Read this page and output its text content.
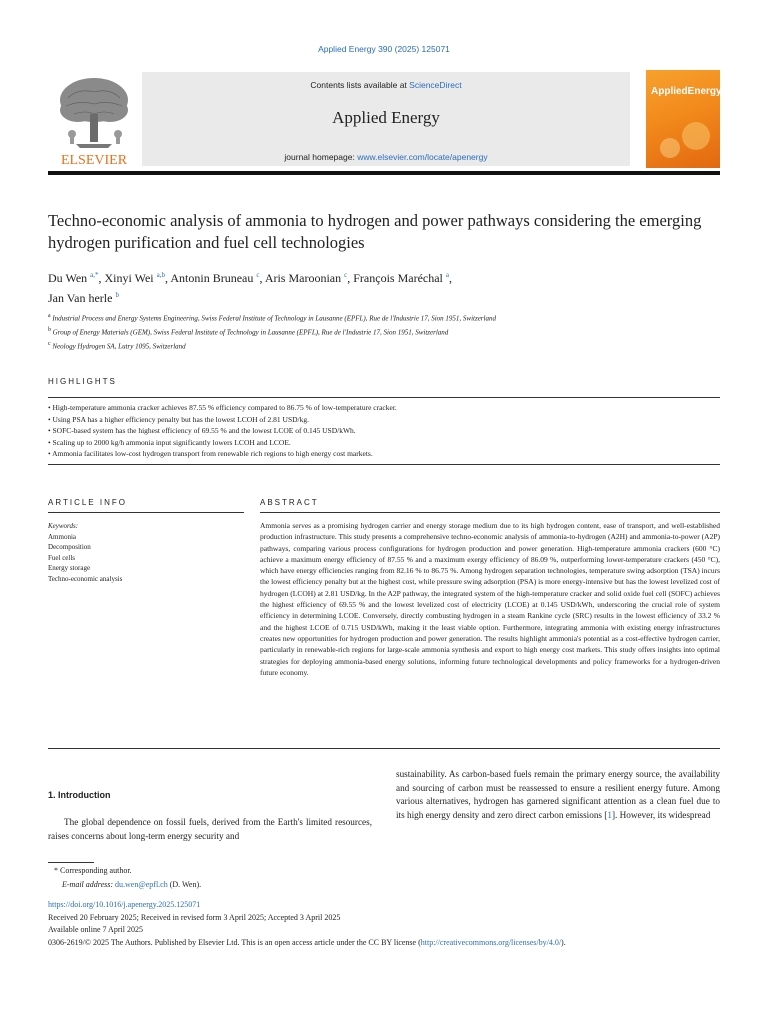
Applied Energy 390 (2025) 125071
ELSEVIER
Contents lists available at ScienceDirect
Applied Energy
journal homepage: www.elsevier.com/locate/apenergy
AppliedEnergy
Techno-economic analysis of ammonia to hydrogen and power pathways considering the emerging hydrogen purification and fuel cell technologies
Du Wen $^{a,*}$, Xinyi Wei $^{a,b}$, Antonin Bruneau $^c$, Aris Maroonian $^c$, François Maréchal $^a$,
Jan Van herle $^b$
$^a$ Industrial Process and Energy Systems Engineering, Swiss Federal Institute of Technology in Lausanne (EPFL), Rue de l'Industrie 17, Sion 1951, Switzerland
$^b$ Group of Energy Materials (GEM), Swiss Federal Institute of Technology in Lausanne (EPFL), Rue de l'Industrie 17, Sion 1951, Switzerland
$^c$ Neology Hydrogen SA, Lutry 1095, Switzerland
HIGHLIGHTS
• High-temperature ammonia cracker achieves 87.55 % efficiency compared to 86.75 % of low-temperature cracker.
• Using PSA has a higher efficiency penalty but has the lowest LCOH of 2.81 USD/kg.
• SOFC-based system has the highest efficiency of 69.55 % and the lowest LCOE of 0.145 USD/kWh.
• Scaling up to 2000 kg/h ammonia input significantly lowers LCOH and LCOE.
• Ammonia facilitates low-cost hydrogen transport from renewable rich regions to high energy cost markets.
ARTICLE INFO
Keywords:
Ammonia
Decomposition
Fuel cells
Energy storage
Techno-economic analysis
ABSTRACT
Ammonia serves as a promising hydrogen carrier and energy storage medium due to its high hydrogen content, ease of transport, and well-established production infrastructure. This study presents a comprehensive techno-economic analysis of ammonia-to-hydrogen (A2H) and ammonia-to-power (A2P) pathways, comparing various process configurations for hydrogen production and power generation. High-temperature ammonia crackers (600 °C) achieve a maximum energy efficiency of 87.55 % and a maximum exergy efficiency of 86.09 %, outperforming lower-temperature crackers (450 °C), which have energy efficiencies ranging from 82.16 % to 86.75 %. Among hydrogen separation technologies, temperature swing adsorption (TSA) incurs the lowest efficiency penalty but at the highest cost, while pressure swing adsorption (PSA) is more energy-intensive but has the lowest levelized cost of hydrogen (LCOH) at 2.81 USD/kg. In the A2P pathway, the integrated system of the high-temperature cracker and solid oxide fuel cell (SOFC) achieves the highest efficiency of 69.55 % and the lowest levelized cost of electricity (LCOE) at 0.145 USD/kWh, underscoring the crucial role of system efficiency in determining LCOE. Conversely, directly combusting hydrogen in a steam Rankine cycle (SRC) results in the lowest efficiency of 33.2 % and the highest LCOE of 0.715 USD/kWh, making it the least viable option. Furthermore, integrating ammonia with existing energy infrastructures creates new opportunities for hydrogen production and power generation. The results highlight ammonia's potential as a cost-effective hydrogen carrier, particularly in renewable-rich regions for large-scale ammonia synthesis and export to high energy cost markets. This study offers insights into optimal strategies for deploying ammonia-based energy solutions, informing future technological developments and policy frameworks for a hydrogen-driven future economy.
1. Introduction
The global dependence on fossil fuels, derived from the Earth's limited resources, raises concerns about long-term energy security and
sustainability. As carbon-based fuels remain the primary energy source, the availability and sourcing of carbon must be reassessed to ensure a resilient energy future. Among various alternatives, hydrogen has garnered significant attention as a clean fuel due to its high energy density and zero direct carbon emissions [1]. However, its widespread
* Corresponding author.
E-mail address: du.wen@epfl.ch (D. Wen).
https://doi.org/10.1016/j.apenergy.2025.125071
Received 20 February 2025; Received in revised form 3 April 2025; Accepted 3 April 2025
Available online 7 April 2025
0306-2619/© 2025 The Authors. Published by Elsevier Ltd. This is an open access article under the CC BY license (http://creativecommons.org/licenses/by/4.0/).
